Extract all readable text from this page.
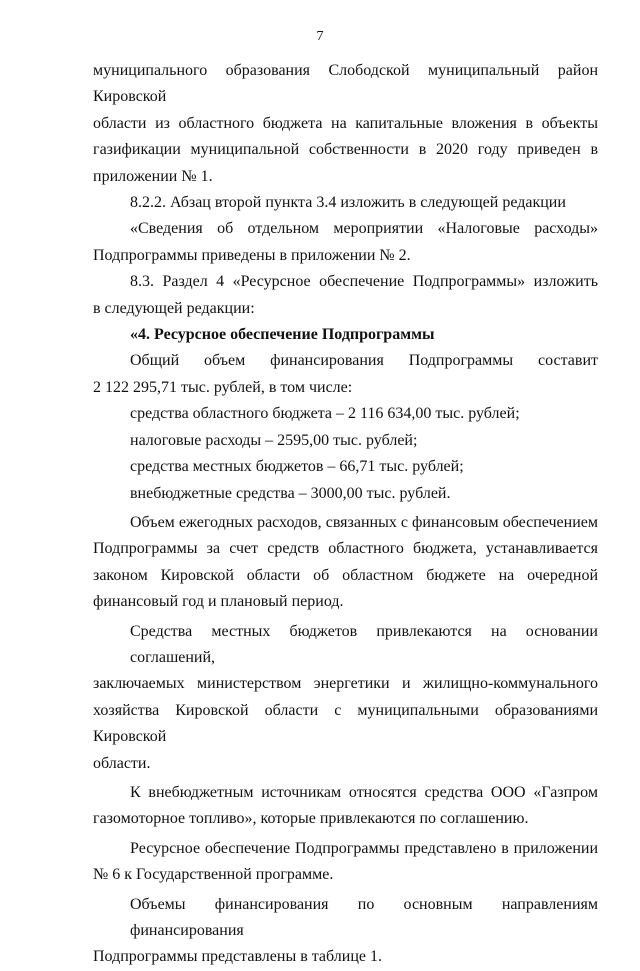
7
муниципального образования Слободской муниципальный район Кировской
области из областного бюджета на капитальные вложения в объекты
газификации муниципальной собственности в 2020 году приведен в
приложении № 1.
8.2.2. Абзац второй пункта 3.4 изложить в следующей редакции
«Сведения об отдельном мероприятии «Налоговые расходы»
Подпрограммы приведены в приложении № 2.
8.3. Раздел 4 «Ресурсное обеспечение Подпрограммы» изложить
в следующей редакции:
«4. Ресурсное обеспечение Подпрограммы
Общий объем финансирования Подпрограммы составит
2 122 295,71 тыс. рублей, в том числе:
средства областного бюджета – 2 116 634,00 тыс. рублей;
налоговые расходы – 2595,00 тыс. рублей;
средства местных бюджетов – 66,71 тыс. рублей;
внебюджетные средства – 3000,00 тыс. рублей.
Объем ежегодных расходов, связанных с финансовым обеспечением
Подпрограммы за счет средств областного бюджета, устанавливается
законом Кировской области об областном бюджете на очередной
финансовый год и плановый период.
Средства местных бюджетов привлекаются на основании соглашений,
заключаемых министерством энергетики и жилищно-коммунального
хозяйства Кировской области с муниципальными образованиями Кировской
области.
К внебюджетным источникам относятся средства ООО «Газпром
газомоторное топливо», которые привлекаются по соглашению.
Ресурсное обеспечение Подпрограммы представлено в приложении
№ 6 к Государственной программе.
Объемы финансирования по основным направлениям финансирования
Подпрограммы представлены в таблице 1.
